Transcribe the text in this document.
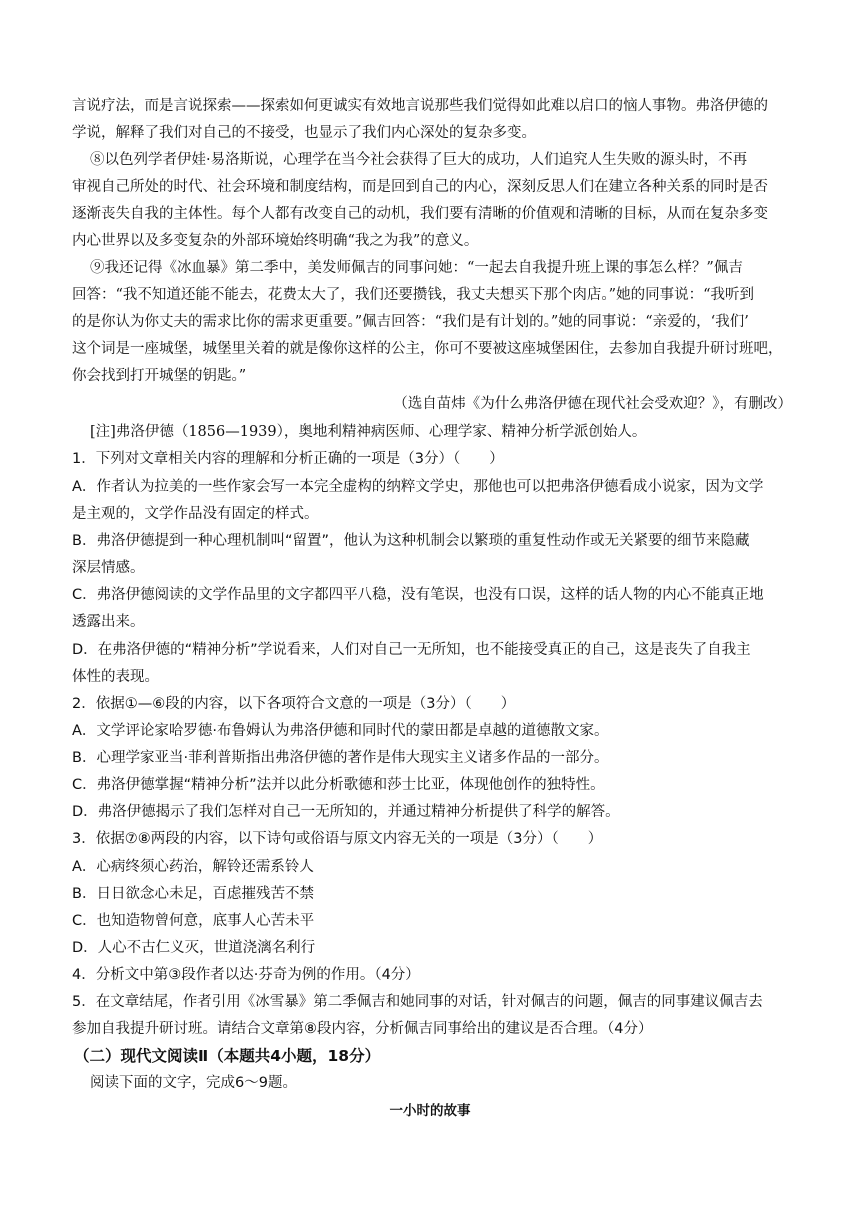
言说疗法，而是言说探索——探索如何更诚实有效地言说那些我们觉得如此难以启口的恼人事物。弗洛伊德的
学说，解释了我们对自己的不接受，也显示了我们内心深处的复杂多变。
⑧以色列学者伊娃·易洛斯说，心理学在当今社会获得了巨大的成功，人们追究人生失败的源头时，不再
审视自己所处的时代、社会环境和制度结构，而是回到自己的内心，深刻反思人们在建立各种关系的同时是否
逐渐丧失自我的主体性。每个人都有改变自己的动机，我们要有清晰的价值观和清晰的目标，从而在复杂多变
内心世界以及多变复杂的外部环境始终明确“我之为我”的意义。
⑨我还记得《冰血暴》第二季中，美发师佩吉的同事问她：“一起去自我提升班上课的事怎么样？”佩吉
回答：“我不知道还能不能去，花费太大了，我们还要攒钱，我丈夫想买下那个肉店。”她的同事说：“我听到
的是你认为你丈夫的需求比你的需求更重要。”佩吉回答：“我们是有计划的。”她的同事说：“亲爱的，‘我们’
这个词是一座城堡，城堡里关着的就是像你这样的公主，你可不要被这座城堡困住，去参加自我提升研讨班吧，
你会找到打开城堡的钥匙。”
（选自苗炜《为什么弗洛伊德在现代社会受欢迎？》，有删改）
[注]弗洛伊德（1856—1939），奥地利精神病医师、心理学家、精神分析学派创始人。
1．下列对文章相关内容的理解和分析正确的一项是（3分）（　　）
A．作者认为拉美的一些作家会写一本完全虚构的纳粹文学史，那他也可以把弗洛伊德看成小说家，因为文学
是主观的，文学作品没有固定的样式。
B．弗洛伊德提到一种心理机制叫“留置”，他认为这种机制会以繁琐的重复性动作或无关紧要的细节来隐藏
深层情感。
C．弗洛伊德阅读的文学作品里的文字都四平八稳，没有笔误，也没有口误，这样的话人物的内心不能真正地
透露出来。
D．在弗洛伊德的“精神分析”学说看来，人们对自己一无所知，也不能接受真正的自己，这是丧失了自我主
体性的表现。
2．依据①—⑥段的内容，以下各项符合文意的一项是（3分）（　　）
A．文学评论家哈罗德·布鲁姆认为弗洛伊德和同时代的蒙田都是卓越的道德散文家。
B．心理学家亚当·菲利普斯指出弗洛伊德的著作是伟大现实主义诸多作品的一部分。
C．弗洛伊德掌握“精神分析”法并以此分析歌德和莎士比亚，体现他创作的独特性。
D．弗洛伊德揭示了我们怎样对自己一无所知的，并通过精神分析提供了科学的解答。
3．依据⑦⑧两段的内容，以下诗句或俗语与原文内容无关的一项是（3分）（　　）
A．心病终须心药治，解铃还需系铃人
B．日日欲念心未足，百虑摧残苦不禁
C．也知造物曾何意，底事人心苦未平
D．人心不古仁义灭，世道浇漓名利行
4．分析文中第③段作者以达·芬奇为例的作用。（4分）
5．在文章结尾，作者引用《冰雪暴》第二季佩吉和她同事的对话，针对佩吉的问题，佩吉的同事建议佩吉去
参加自我提升研讨班。请结合文章第⑧段内容，分析佩吉同事给出的建议是否合理。（4分）
（二）现代文阅读Ⅱ（本题共4小题，18分）
阅读下面的文字，完成6～9题。
一小时的故事
